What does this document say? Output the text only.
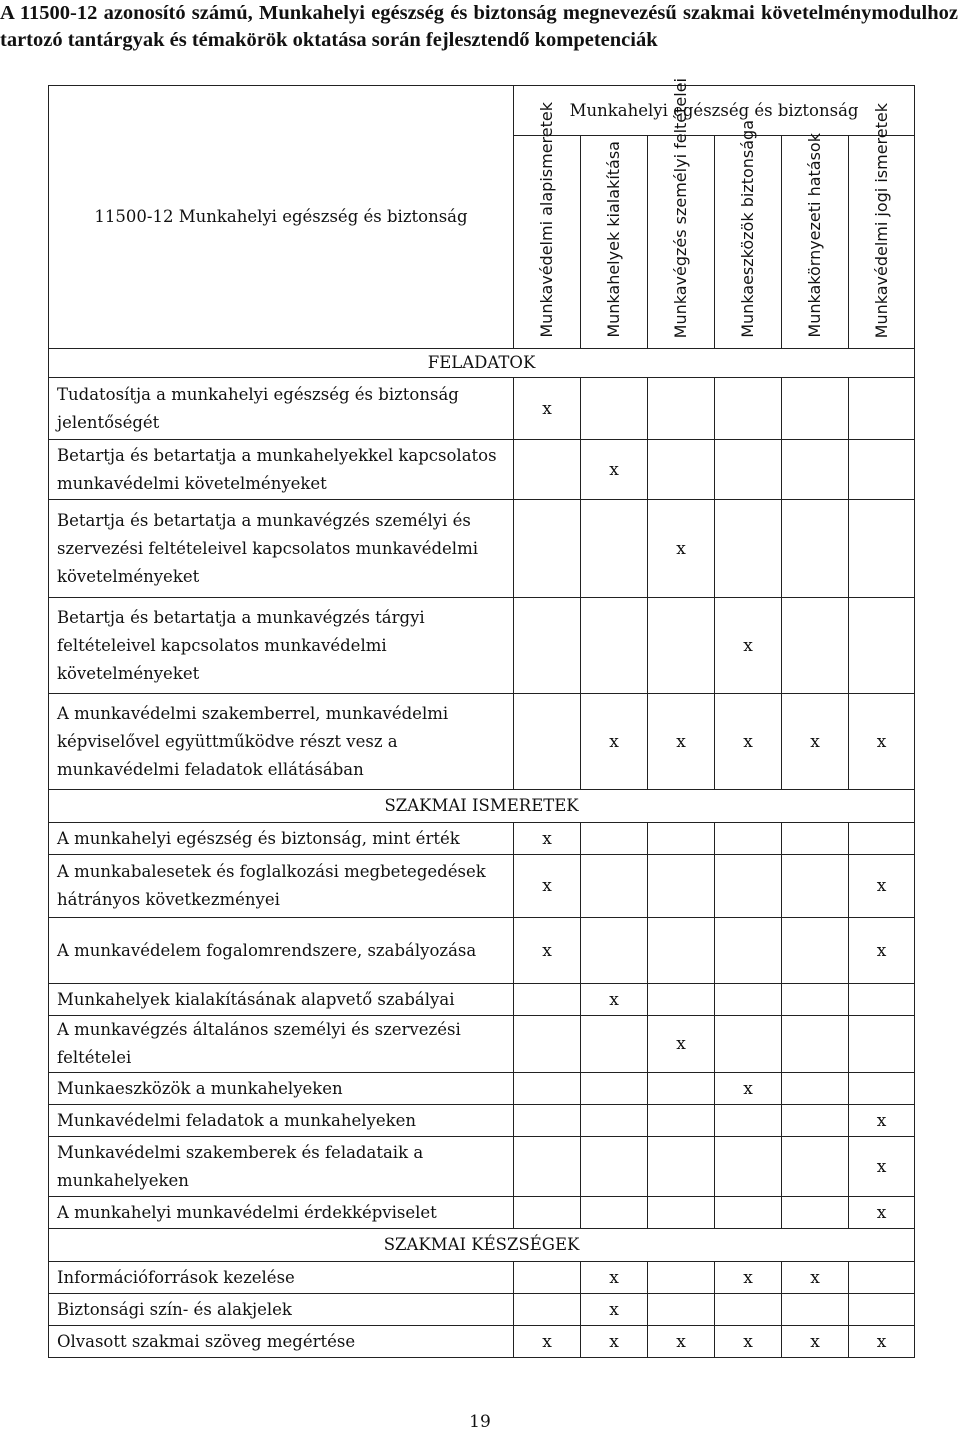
A 11500-12 azonosító számú, Munkahelyi egészség és biztonság megnevezésű szakmai követelménymodulhoz tartozó tantárgyak és témakörök oktatása során fejlesztendő kompetenciák
11500-12 Munkahelyi egészség és biztonság	Munkahelyi egészség és biztonság					

	Munkavédelmi alapismeretek	Munkahelyek kialakítása	Munkavégzés személyi feltételei	Munkaeszközök biztonsága	Munkakörnyezeti hatások	Munkavédelmi jogi ismeretek

FELADATOK						
Tudatosítja a munkahelyi egészség és biztonság jelentőségét	x					
Betartja és betartatja a munkahelyekkel kapcsolatos munkavédelmi követelményeket		x				
Betartja és betartatja a munkavégzés személyi és szervezési feltételeivel kapcsolatos munkavédelmi követelményeket			x			
Betartja és betartatja a munkavégzés tárgyi feltételeivel kapcsolatos munkavédelmi követelményeket				x		
A munkavédelmi szakemberrel, munkavédelmi képviselővel együttműködve részt vesz a munkavédelmi feladatok ellátásában		x	x	x	x	x
SZAKMAI ISMERETEK						
A munkahelyi egészség és biztonság, mint érték	x					
A munkabalesetek és foglalkozási megbetegedések hátrányos következményei	x					x
A munkavédelem fogalomrendszere, szabályozása	x					x
Munkahelyek kialakításának alapvető szabályai		x				
A munkavégzés általános személyi és szervezési feltételei			x			
Munkaeszközök a munkahelyeken				x		
Munkavédelmi feladatok a munkahelyeken						x
Munkavédelmi szakemberek és feladataik a munkahelyeken						x
A munkahelyi munkavédelmi érdekképviselet						x
SZAKMAI KÉSZSÉGEK						
Információforrások kezelése		x		x	x	
Biztonsági szín- és alakjelek		x				
Olvasott szakmai szöveg megértése	x	x	x	x	x	x
19
